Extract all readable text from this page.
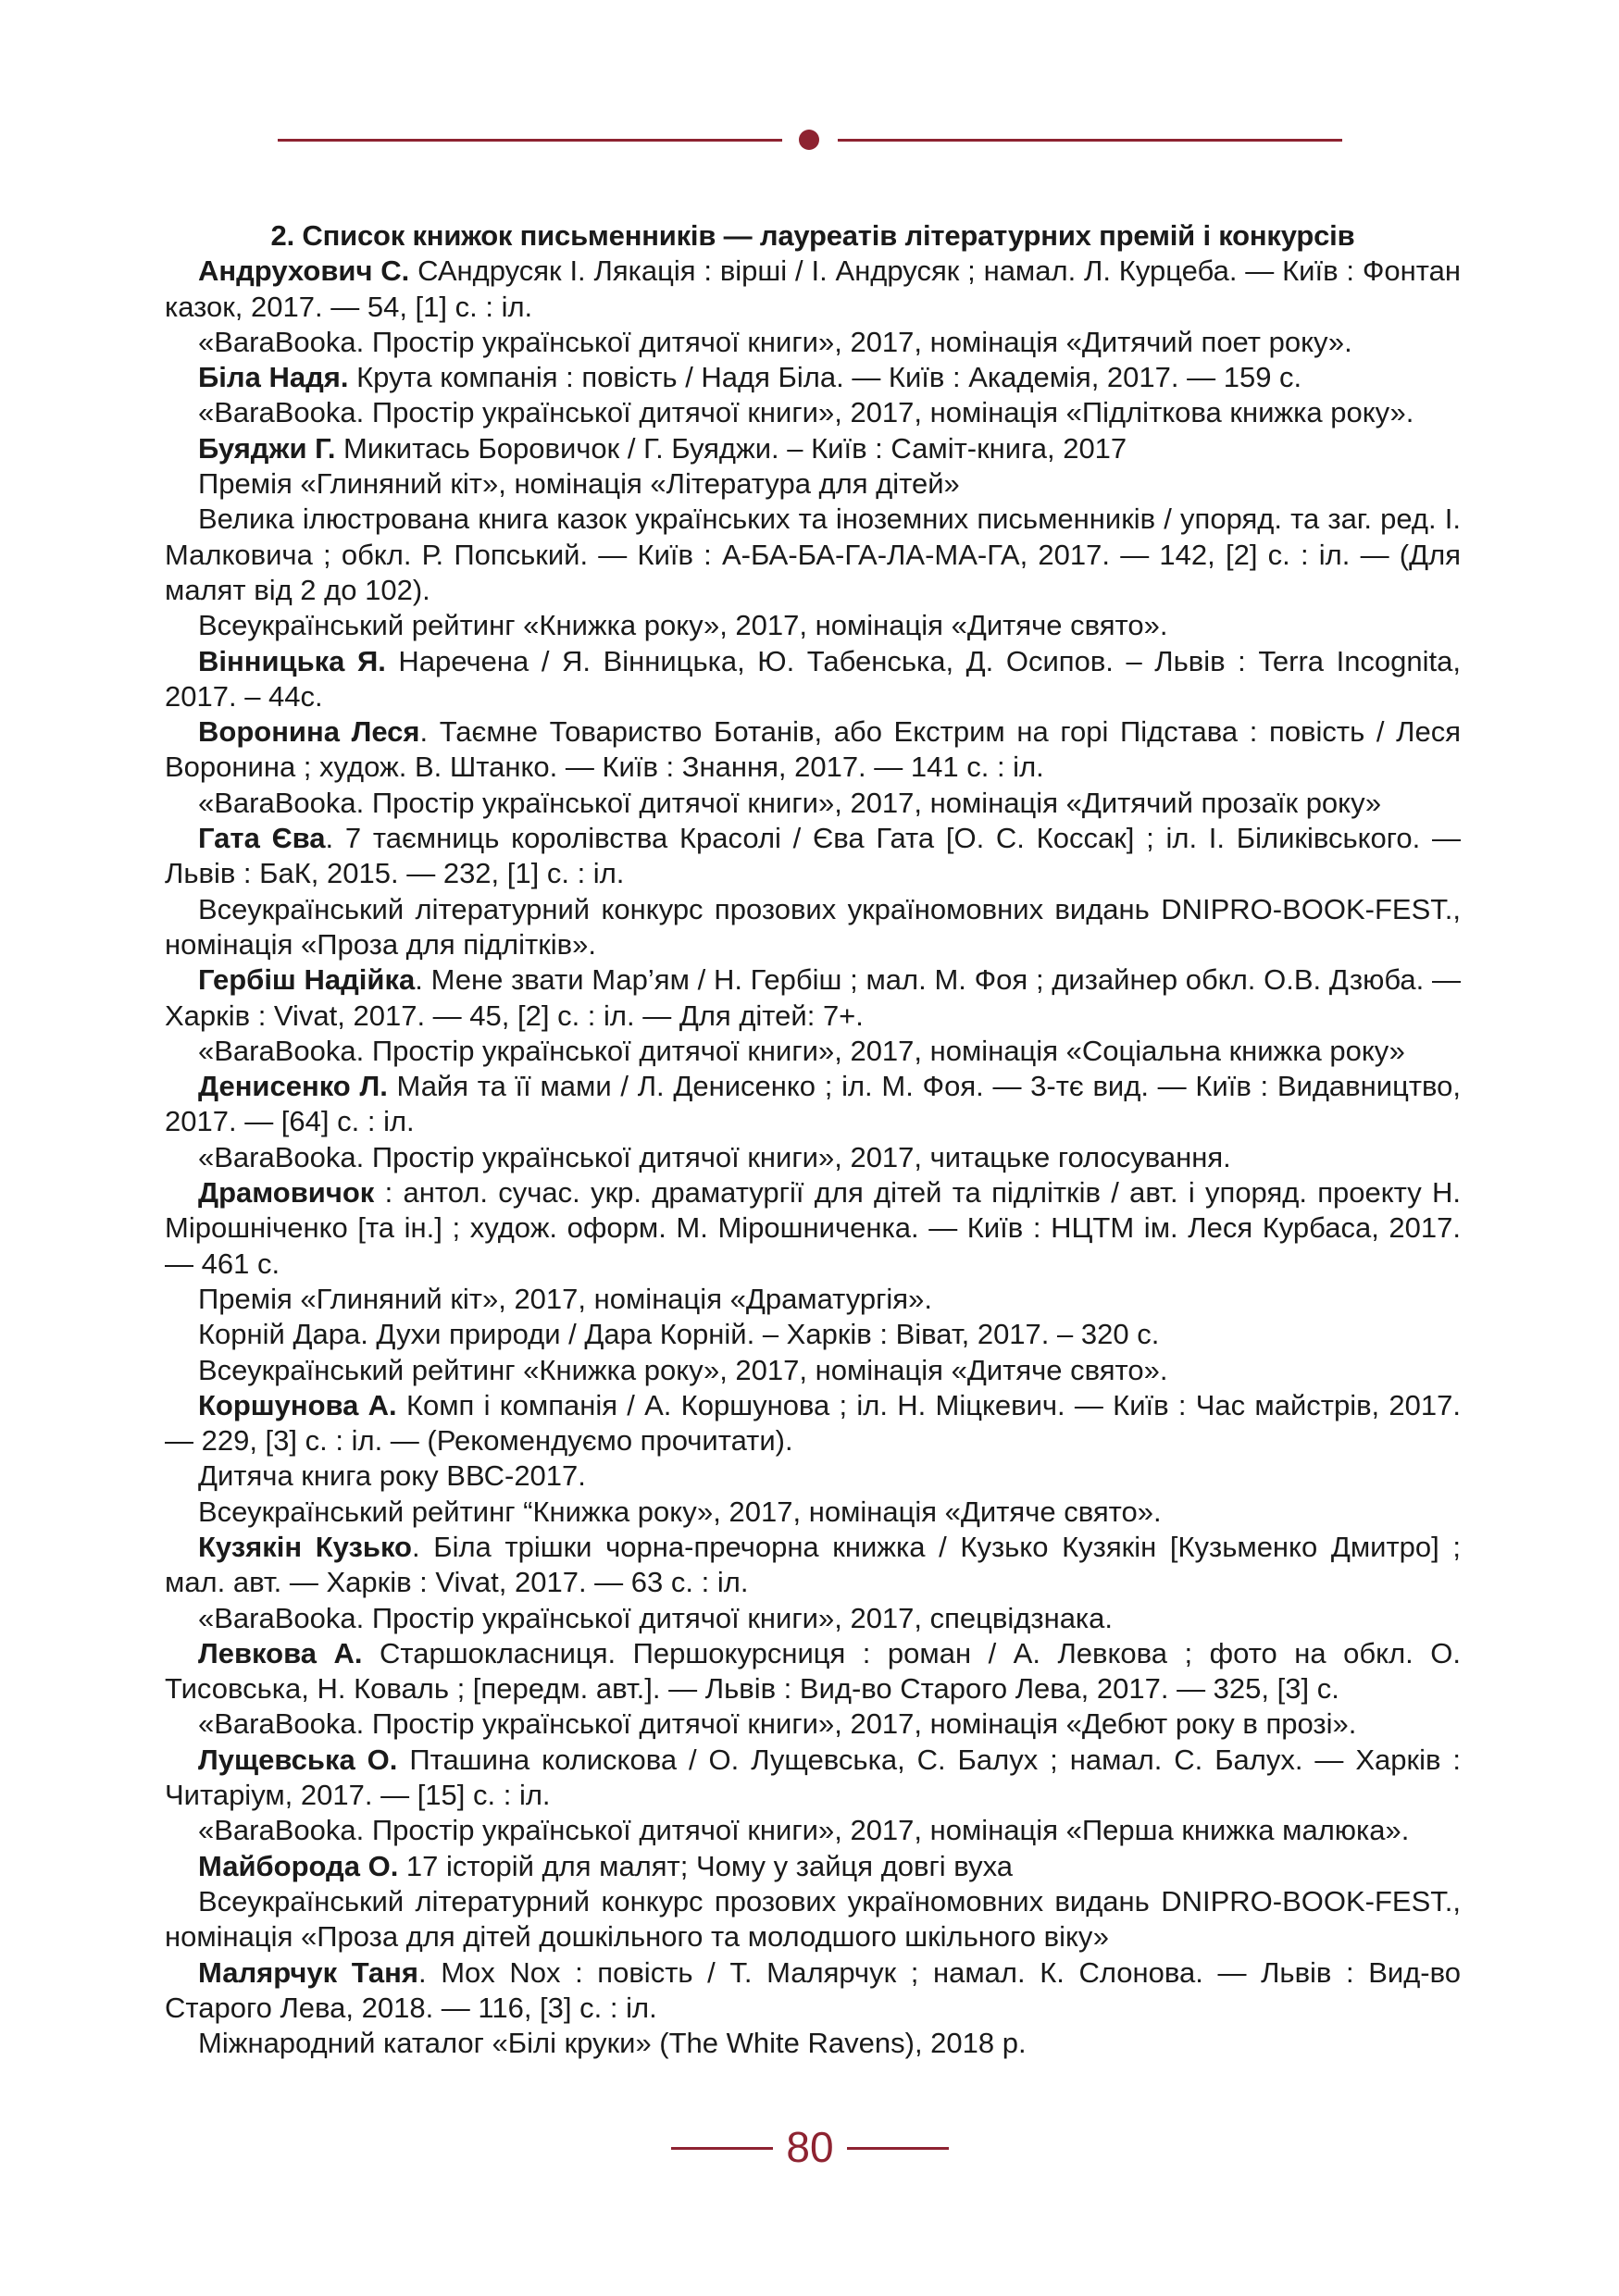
2. Список книжок письменників — лауреатів літературних премій і конкурсів

Андрухович С. САндрусяк І. Лякація : вірші / І. Андрусяк ; намал. Л. Курцеба. — Київ : Фонтан казок, 2017. — 54, [1] с. : іл.

«BaraBooka. Простір української дитячої книги», 2017, номінація «Дитячий поет року».

Біла Надя. Крута компанія : повість / Надя Біла. — Київ : Академія, 2017. — 159 с.

«BaraBooka. Простір української дитячої книги», 2017, номінація «Підліткова книжка року».

Буяджи Г. Микитась Боровичок / Г. Буяджи. – Київ : Саміт-книга, 2017

Премія «Глиняний кіт», номінація «Література для дітей»

Велика ілюстрована книга казок українських та іноземних письменників / упоряд. та заг. ред. І. Малковича ; обкл. Р. Попський. — Київ : А-БА-БА-ГА-ЛА-МА-ГА, 2017. — 142, [2] с. : іл. — (Для малят від 2 до 102).

Всеукраїнський рейтинг «Книжка року», 2017, номінація «Дитяче свято».

Вінницька Я. Наречена / Я. Вінницька, Ю. Табенська, Д. Осипов. – Львів : Terra Incognita, 2017. – 44с.

Воронина Леся. Таємне Товариство Ботанів, або Екстрим на горі Підстава : повість / Леся Воронина ; худож. В. Штанко. — Київ : Знання, 2017. — 141 с. : іл.

«BaraBooka. Простір української дитячої книги», 2017, номінація «Дитячий прозаїк року»

Гата Єва. 7 таємниць королівства Красолі / Єва Гата [О. С. Коссак] ; іл. І. Біликівського. — Львів : БаК, 2015. — 232, [1] с. : іл.

Всеукраїнський літературний конкурс прозових україномовних видань DNIPRO-BOOK-FEST., номінація «Проза для підлітків».

Гербіш Надійка. Мене звати Мар’ям / Н. Гербіш ; мал. М. Фоя ; дизайнер обкл. О.В. Дзюба. — Харків : Vivat, 2017. — 45, [2] с. : іл. — Для дітей: 7+.

«BaraBooka. Простір української дитячої книги», 2017, номінація «Соціальна книжка року»

Денисенко Л. Майя та її мами / Л. Денисенко ; іл. М. Фоя. — 3-тє вид. — Київ : Видавництво, 2017. — [64] с. : іл.

«BaraBooka. Простір української дитячої книги», 2017, читацьке голосування.

Драмовичок : антол. сучас. укр. драматургії для дітей та підлітків / авт. і упоряд. проекту Н. Мірошніченко [та ін.] ; худож. оформ. М. Мірошниченка. — Київ : НЦТМ ім. Леся Курбаса, 2017. — 461 с.

Премія «Глиняний кіт», 2017, номінація «Драматургія».

Корній Дара. Духи природи / Дара Корній. – Харків : Віват, 2017. – 320 с.

Всеукраїнський рейтинг «Книжка року», 2017, номінація «Дитяче свято».

Коршунова А. Комп і компанія / А. Коршунова ; іл. Н. Міцкевич. — Київ : Час майстрів, 2017. — 229, [3] с. : іл. — (Рекомендуємо прочитати).

Дитяча книга року ВВС-2017.

Всеукраїнський рейтинг “Книжка року», 2017, номінація «Дитяче свято».

Кузякін Кузько. Біла трішки чорна-пречорна книжка / Кузько Кузякін [Кузьменко Дмитро] ; мал. авт. — Харків : Vivat, 2017. — 63 с. : іл.

«BaraBooka. Простір української дитячої книги», 2017, спецвідзнака.

Левкова А. Старшокласниця. Першокурсниця : роман / А. Левкова ; фото на обкл. О. Тисовська, Н. Коваль ; [передм. авт.]. — Львів : Вид-во Старого Лева, 2017. — 325, [3] с.

«BaraBooka. Простір української дитячої книги», 2017, номінація «Дебют року в прозі».

Лущевська О. Пташина колискова / О. Лущевська, С. Балух ; намал. С. Балух. — Харків : Читаріум, 2017. — [15] с. : іл.

«BaraBooka. Простір української дитячої книги», 2017, номінація «Перша книжка малюка».

Майборода О. 17 історій для малят; Чому у зайця довгі вуха

Всеукраїнський літературний конкурс прозових україномовних видань DNIPRO-BOOK-FEST., номінація «Проза для дітей дошкільного та молодшого шкільного віку»

Малярчук Таня. Mox Nox : повість / Т. Малярчук ; намал. К. Слонова. — Львів : Вид-во Старого Лева, 2018. — 116, [3] с. : іл.

Міжнародний каталог «Білі круки» (The White Ravens), 2018 р.

80
